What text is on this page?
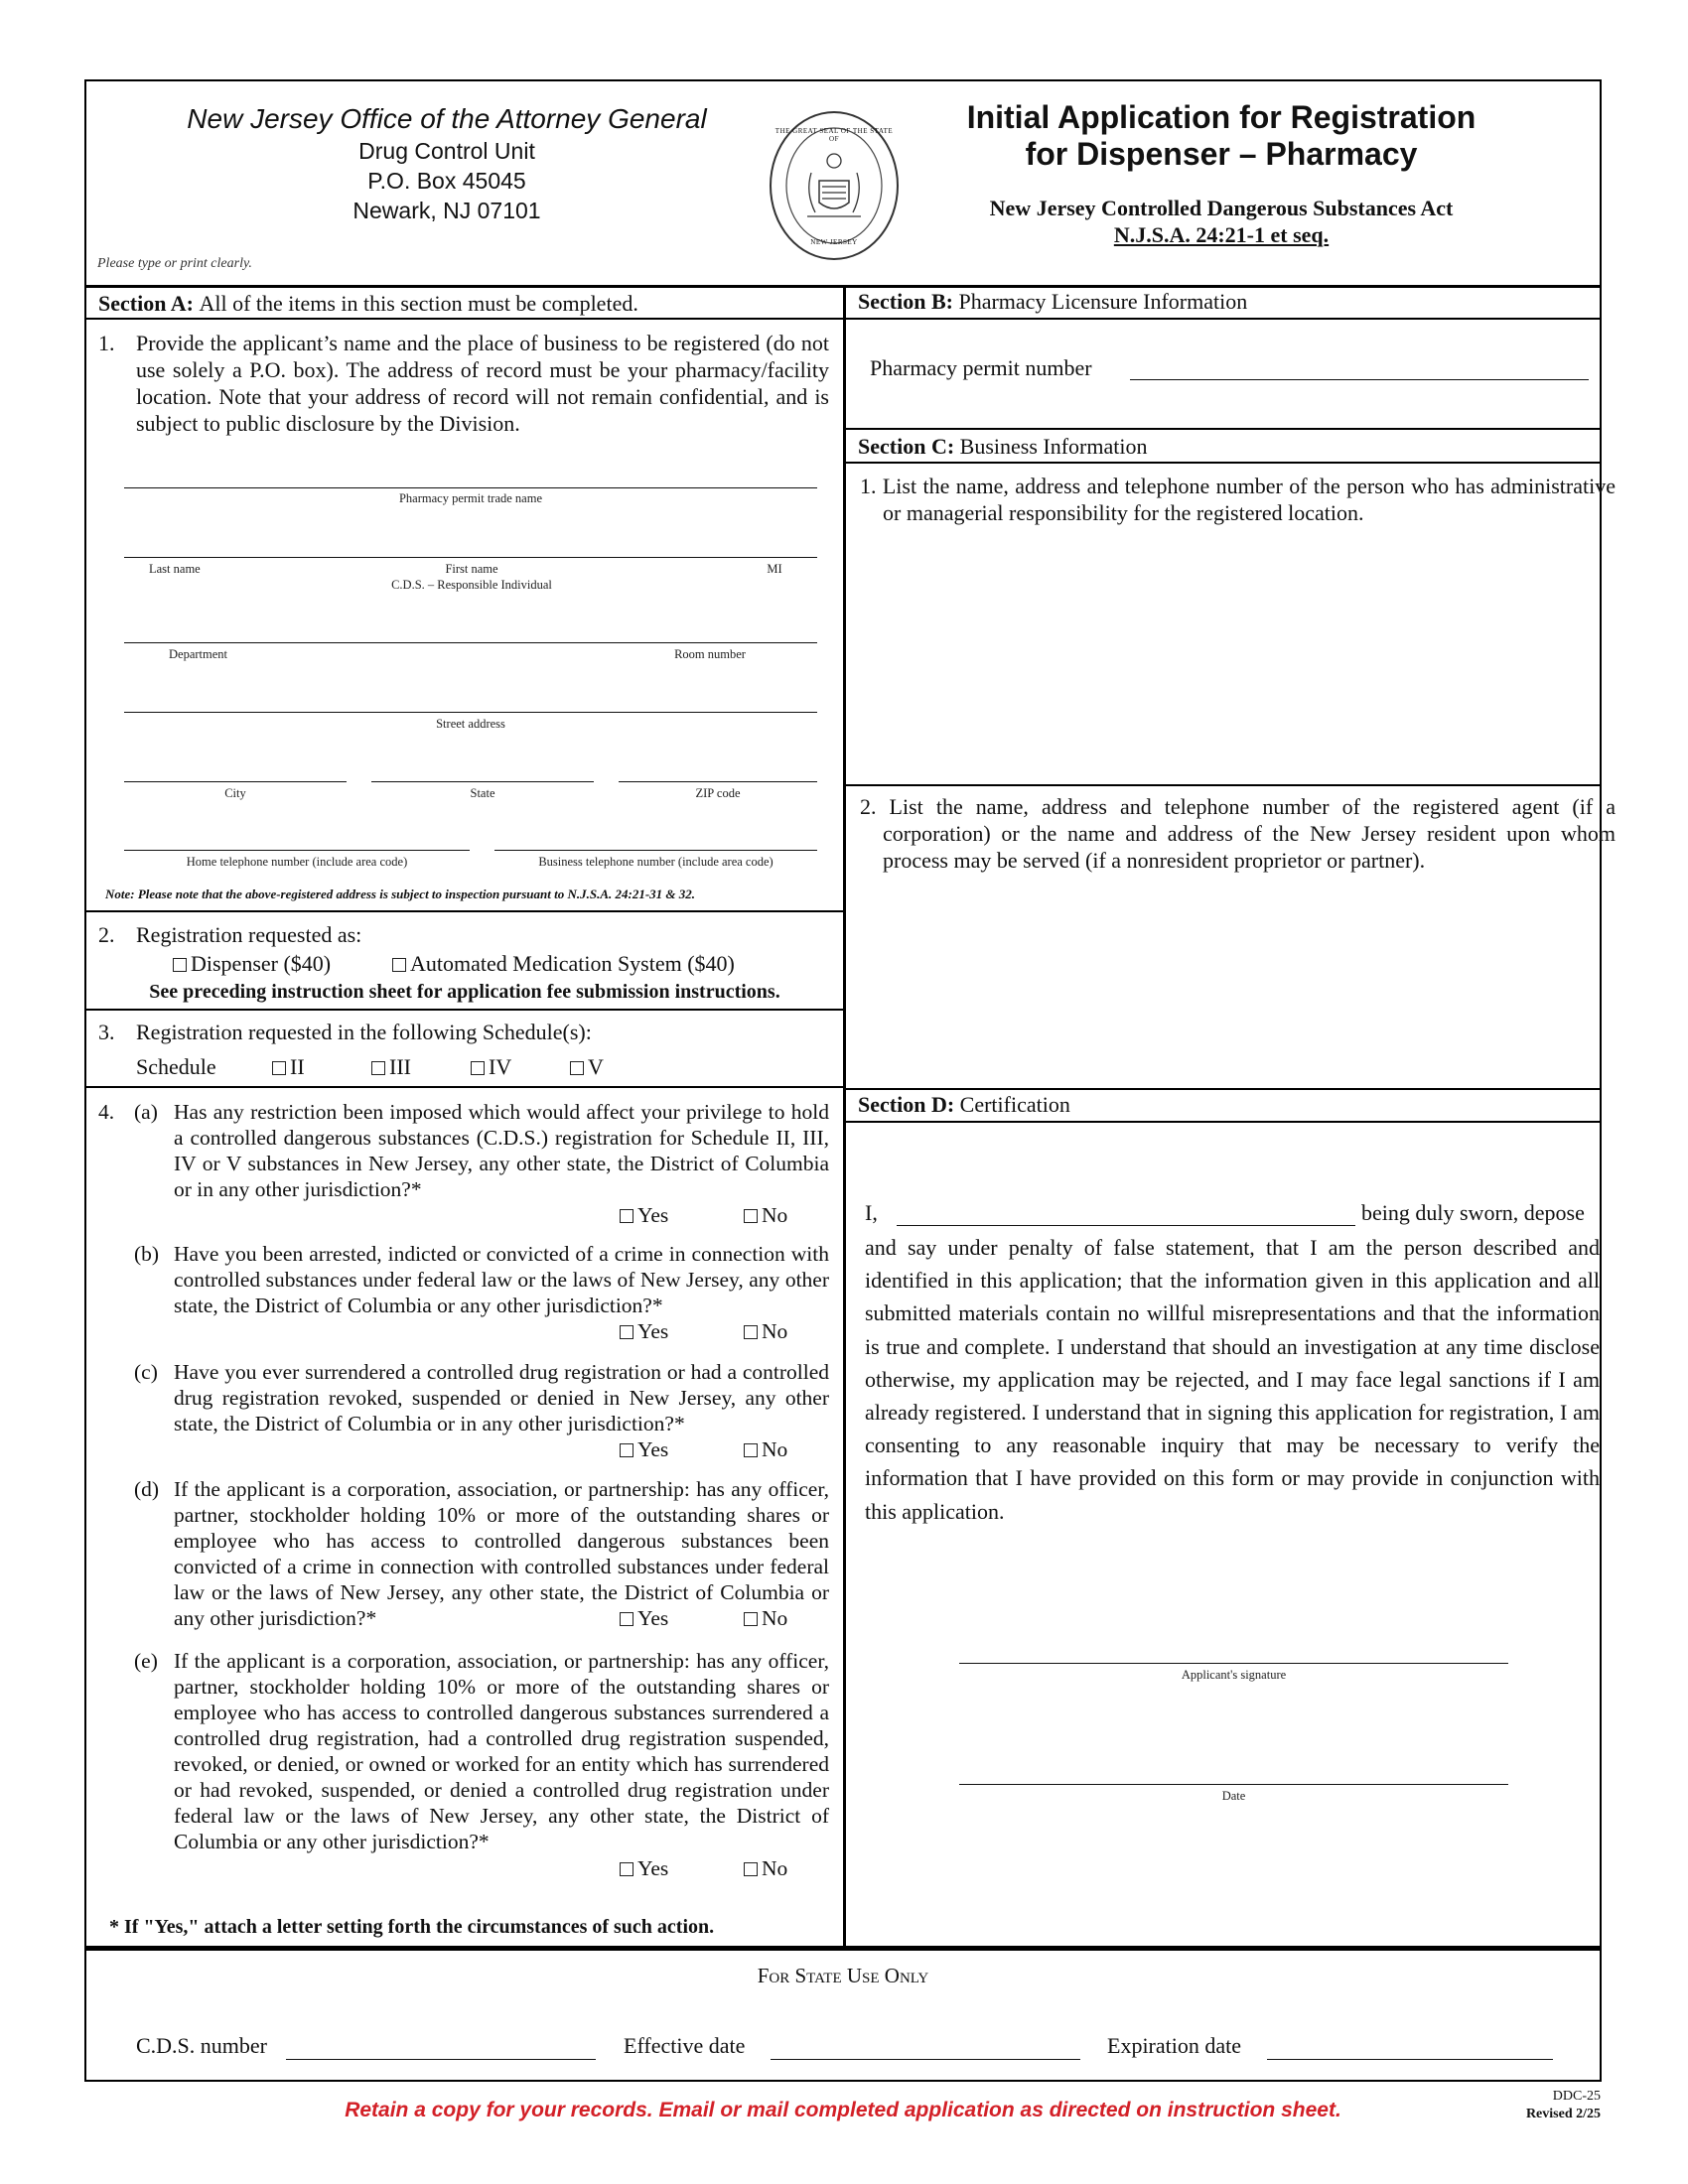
New Jersey Office of the Attorney General
Drug Control Unit
P.O. Box 45045
Newark, NJ 07101
Please type or print clearly.
THE GREAT SEAL OF THE STATE OF
NEW JERSEY
Initial Application for Registration
for Dispenser – Pharmacy
New Jersey Controlled Dangerous Substances Act
N.J.S.A. 24:21-1 et seq.
Section A: All of the items in this section must be completed.
1. Provide the applicant’s name and the place of business to be registered (do not use solely a P.O. box). The address of record must be your pharmacy/facility location. Note that your address of record will not remain confidential, and is subject to public disclosure by the Division.
Pharmacy permit trade name
Last name	First name	MI
C.D.S. – Responsible Individual
Department	Room number
Street address
City	State	ZIP code
Home telephone number (include area code)	Business telephone number (include area code)
Note: Please note that the above-registered address is subject to inspection pursuant to N.J.S.A. 24:21-31 & 32.
2. Registration requested as:
Dispenser ($40)	Automated Medication System ($40)
See preceding instruction sheet for application fee submission instructions.
3. Registration requested in the following Schedule(s):
Schedule	II	III	IV	V
4. (a) Has any restriction been imposed which would affect your privilege to hold a controlled dangerous substances (C.D.S.) registration for Schedule II, III, IV or V substances in New Jersey, any other state, the District of Columbia or in any other jurisdiction?*
Yes	No
(b) Have you been arrested, indicted or convicted of a crime in connection with controlled substances under federal law or the laws of New Jersey, any other state, the District of Columbia or any other jurisdiction?*
Yes	No
(c) Have you ever surrendered a controlled drug registration or had a controlled drug registration revoked, suspended or denied in New Jersey, any other state, the District of Columbia or in any other jurisdiction?*
Yes	No
(d) If the applicant is a corporation, association, or partnership: has any officer, partner, stockholder holding 10% or more of the outstanding shares or employee who has access to controlled dangerous substances been convicted of a crime in connection with controlled substances under federal law or the laws of New Jersey, any other state, the District of Columbia or any other jurisdiction?*	Yes	No
(e) If the applicant is a corporation, association, or partnership: has any officer, partner, stockholder holding 10% or more of the outstanding shares or employee who has access to controlled dangerous substances surrendered a controlled drug registration, had a controlled drug registration suspended, revoked, or denied, or owned or worked for an entity which has surrendered or had revoked, suspended, or denied a controlled drug registration under federal law or the laws of New Jersey, any other state, the District of Columbia or any other jurisdiction?*
Yes	No
* If "Yes," attach a letter setting forth the circumstances of such action.
Section B: Pharmacy Licensure Information
Pharmacy permit number
Section C: Business Information
1. List the name, address and telephone number of the person who has administrative or managerial responsibility for the registered location.
2. List the name, address and telephone number of the registered agent (if a corporation) or the name and address of the New Jersey resident upon whom process may be served (if a nonresident proprietor or partner).
Section D: Certification
I,	being duly sworn, depose
and say under penalty of false statement, that I am the person described and identified in this application; that the information given in this application and all submitted materials contain no willful misrepresentations and that the information is true and complete. I understand that should an investigation at any time disclose otherwise, my application may be rejected, and I may face legal sanctions if I am already registered. I understand that in signing this application for registration, I am consenting to any reasonable inquiry that may be necessary to verify the information that I have provided on this form or may provide in conjunction with this application.
Applicant's signature
Date
For State Use Only
C.D.S. number	Effective date	Expiration date
Retain a copy for your records. Email or mail completed application as directed on instruction sheet.
DDC-25
Revised 2/25
